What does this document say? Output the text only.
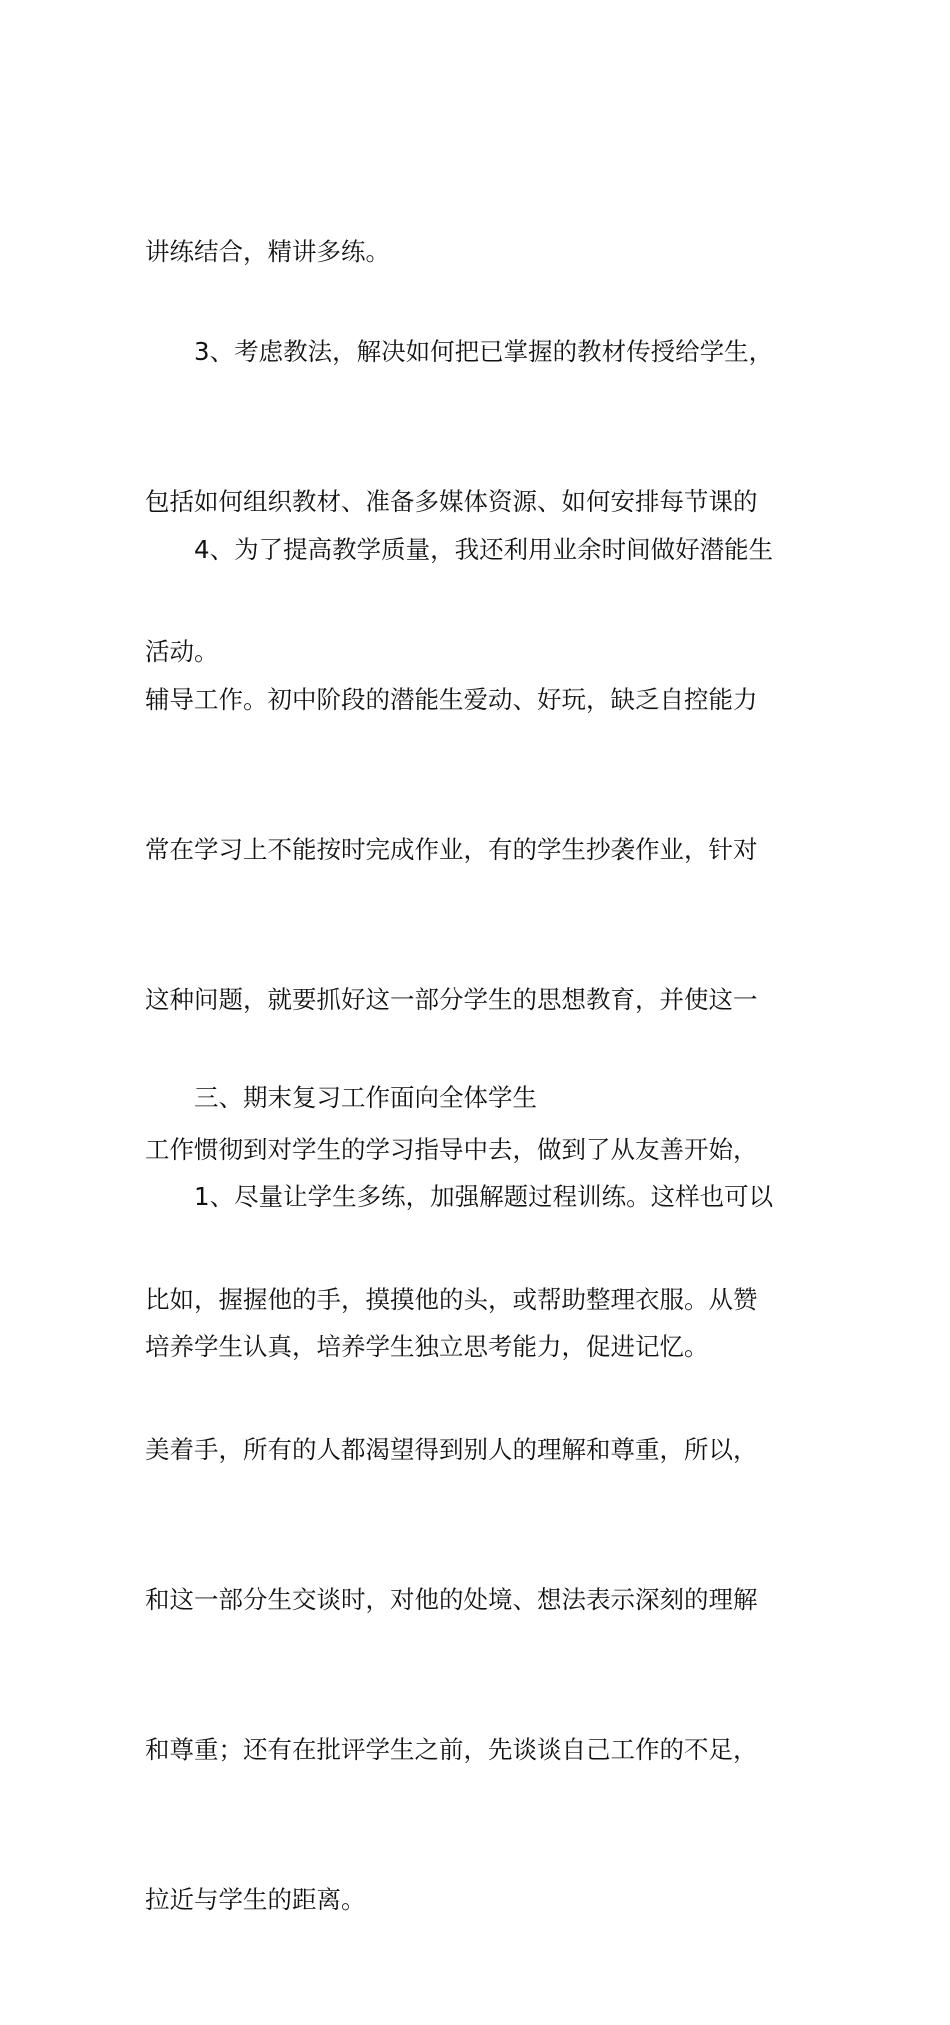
讲练结合，精讲多练。

3、考虑教法，解决如何把已掌握的教材传授给学生，

包括如何组织教材、准备多媒体资源、如何安排每节课的

活动。

4、为了提高教学质量，我还利用业余时间做好潜能生

辅导工作。初中阶段的潜能生爱动、好玩，缺乏自控能力

常在学习上不能按时完成作业，有的学生抄袭作业，针对

这种问题，就要抓好这一部分学生的思想教育，并使这一

工作惯彻到对学生的学习指导中去，做到了从友善开始，

比如，握握他的手，摸摸他的头，或帮助整理衣服。从赞

美着手，所有的人都渴望得到别人的理解和尊重，所以，

和这一部分生交谈时，对他的处境、想法表示深刻的理解

和尊重；还有在批评学生之前，先谈谈自己工作的不足，

拉近与学生的距离。

三、期末复习工作面向全体学生

1、尽量让学生多练，加强解题过程训练。这样也可以

培养学生认真，培养学生独立思考能力，促进记忆。
